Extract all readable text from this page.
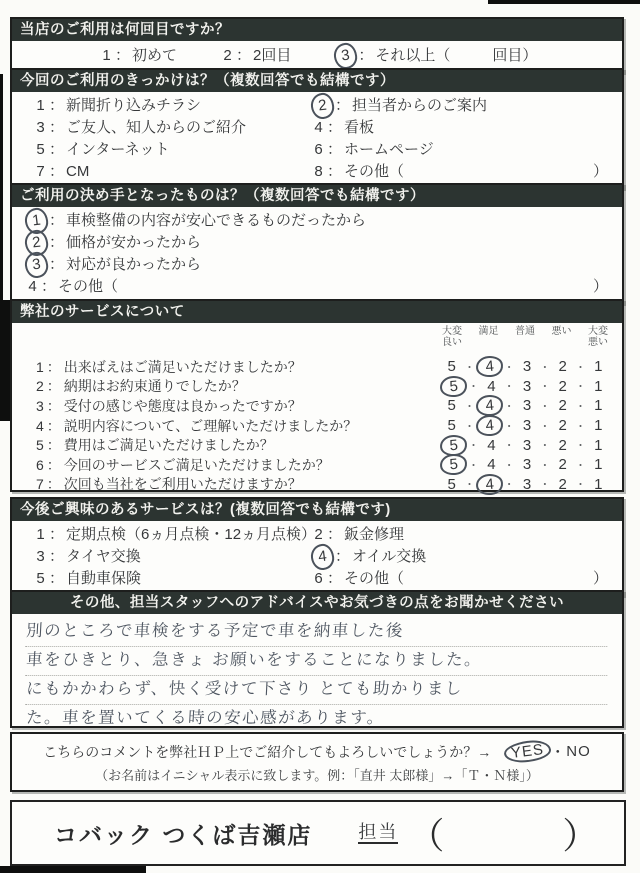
当店のご利用は何回目ですか？
1 ： 初めて	2 ： 2回目	3 ： それ以上（	回目）
今回のご利用のきっかけは？（複数回答でも結構です）
1 ： 新聞折り込みチラシ	2 ： 担当者からのご案内
3 ： ご友人、知人からのご紹介	4 ： 看板
5 ： インターネット	6 ： ホームページ
7 ： CM	8 ： その他（	）
ご利用の決め手となったものは？（複数回答でも結構です）
1 ： 車検整備の内容が安心できるものだったから
2 ： 価格が安かったから
3 ： 対応が良かったから
4 ： その他（	）
弊社のサービスについて
大変良い
満足 普通 悪い 大変悪い
1 ： 出来ばえはご満足いただけましたか？	5 ・ 4 ・ 3 ・ 2 ・ 1
2 ： 納期はお約束通りでしたか？	5 ・ 4 ・ 3 ・ 2 ・ 1
3 ： 受付の感じや態度は良かったですか？	5 ・ 4 ・ 3 ・ 2 ・ 1
4 ： 説明内容について、ご理解いただけましたか？	5 ・ 4 ・ 3 ・ 2 ・ 1
5 ： 費用はご満足いただけましたか？	5 ・ 4 ・ 3 ・ 2 ・ 1
6 ： 今回のサービスご満足いただけましたか？	5 ・ 4 ・ 3 ・ 2 ・ 1
7 ： 次回も当社をご利用いただけますか？	5 ・ 4 ・ 3 ・ 2 ・ 1
今後ご興味のあるサービスは？(複数回答でも結構です)
1 ： 定期点検（6ヵ月点検・12ヵ月点検）
2 ： 鈑金修理
3 ： タイヤ交換	4 ： オイル交換
5 ： 自動車保険	6 ： その他（	）
その他、担当スタッフへのアドバイスやお気づきの点をお聞かせください
別のところで車検をする予定で車を納車した後
車をひきとり、急きょ お願いをすることになりました。
にもかかわらず、快く受けて下さり とても助かりまし
た。車を置いてくる時の安心感があります。
こちらのコメントを弊社ＨＰ上でご紹介してもよろしいでしょうか？→	YES ・ NO
（お名前はイニシャル表示に致します。例：「直井 太郎様」→「Ｔ・Ｎ様」）
コバック つくば吉瀬店	担当 （	）
